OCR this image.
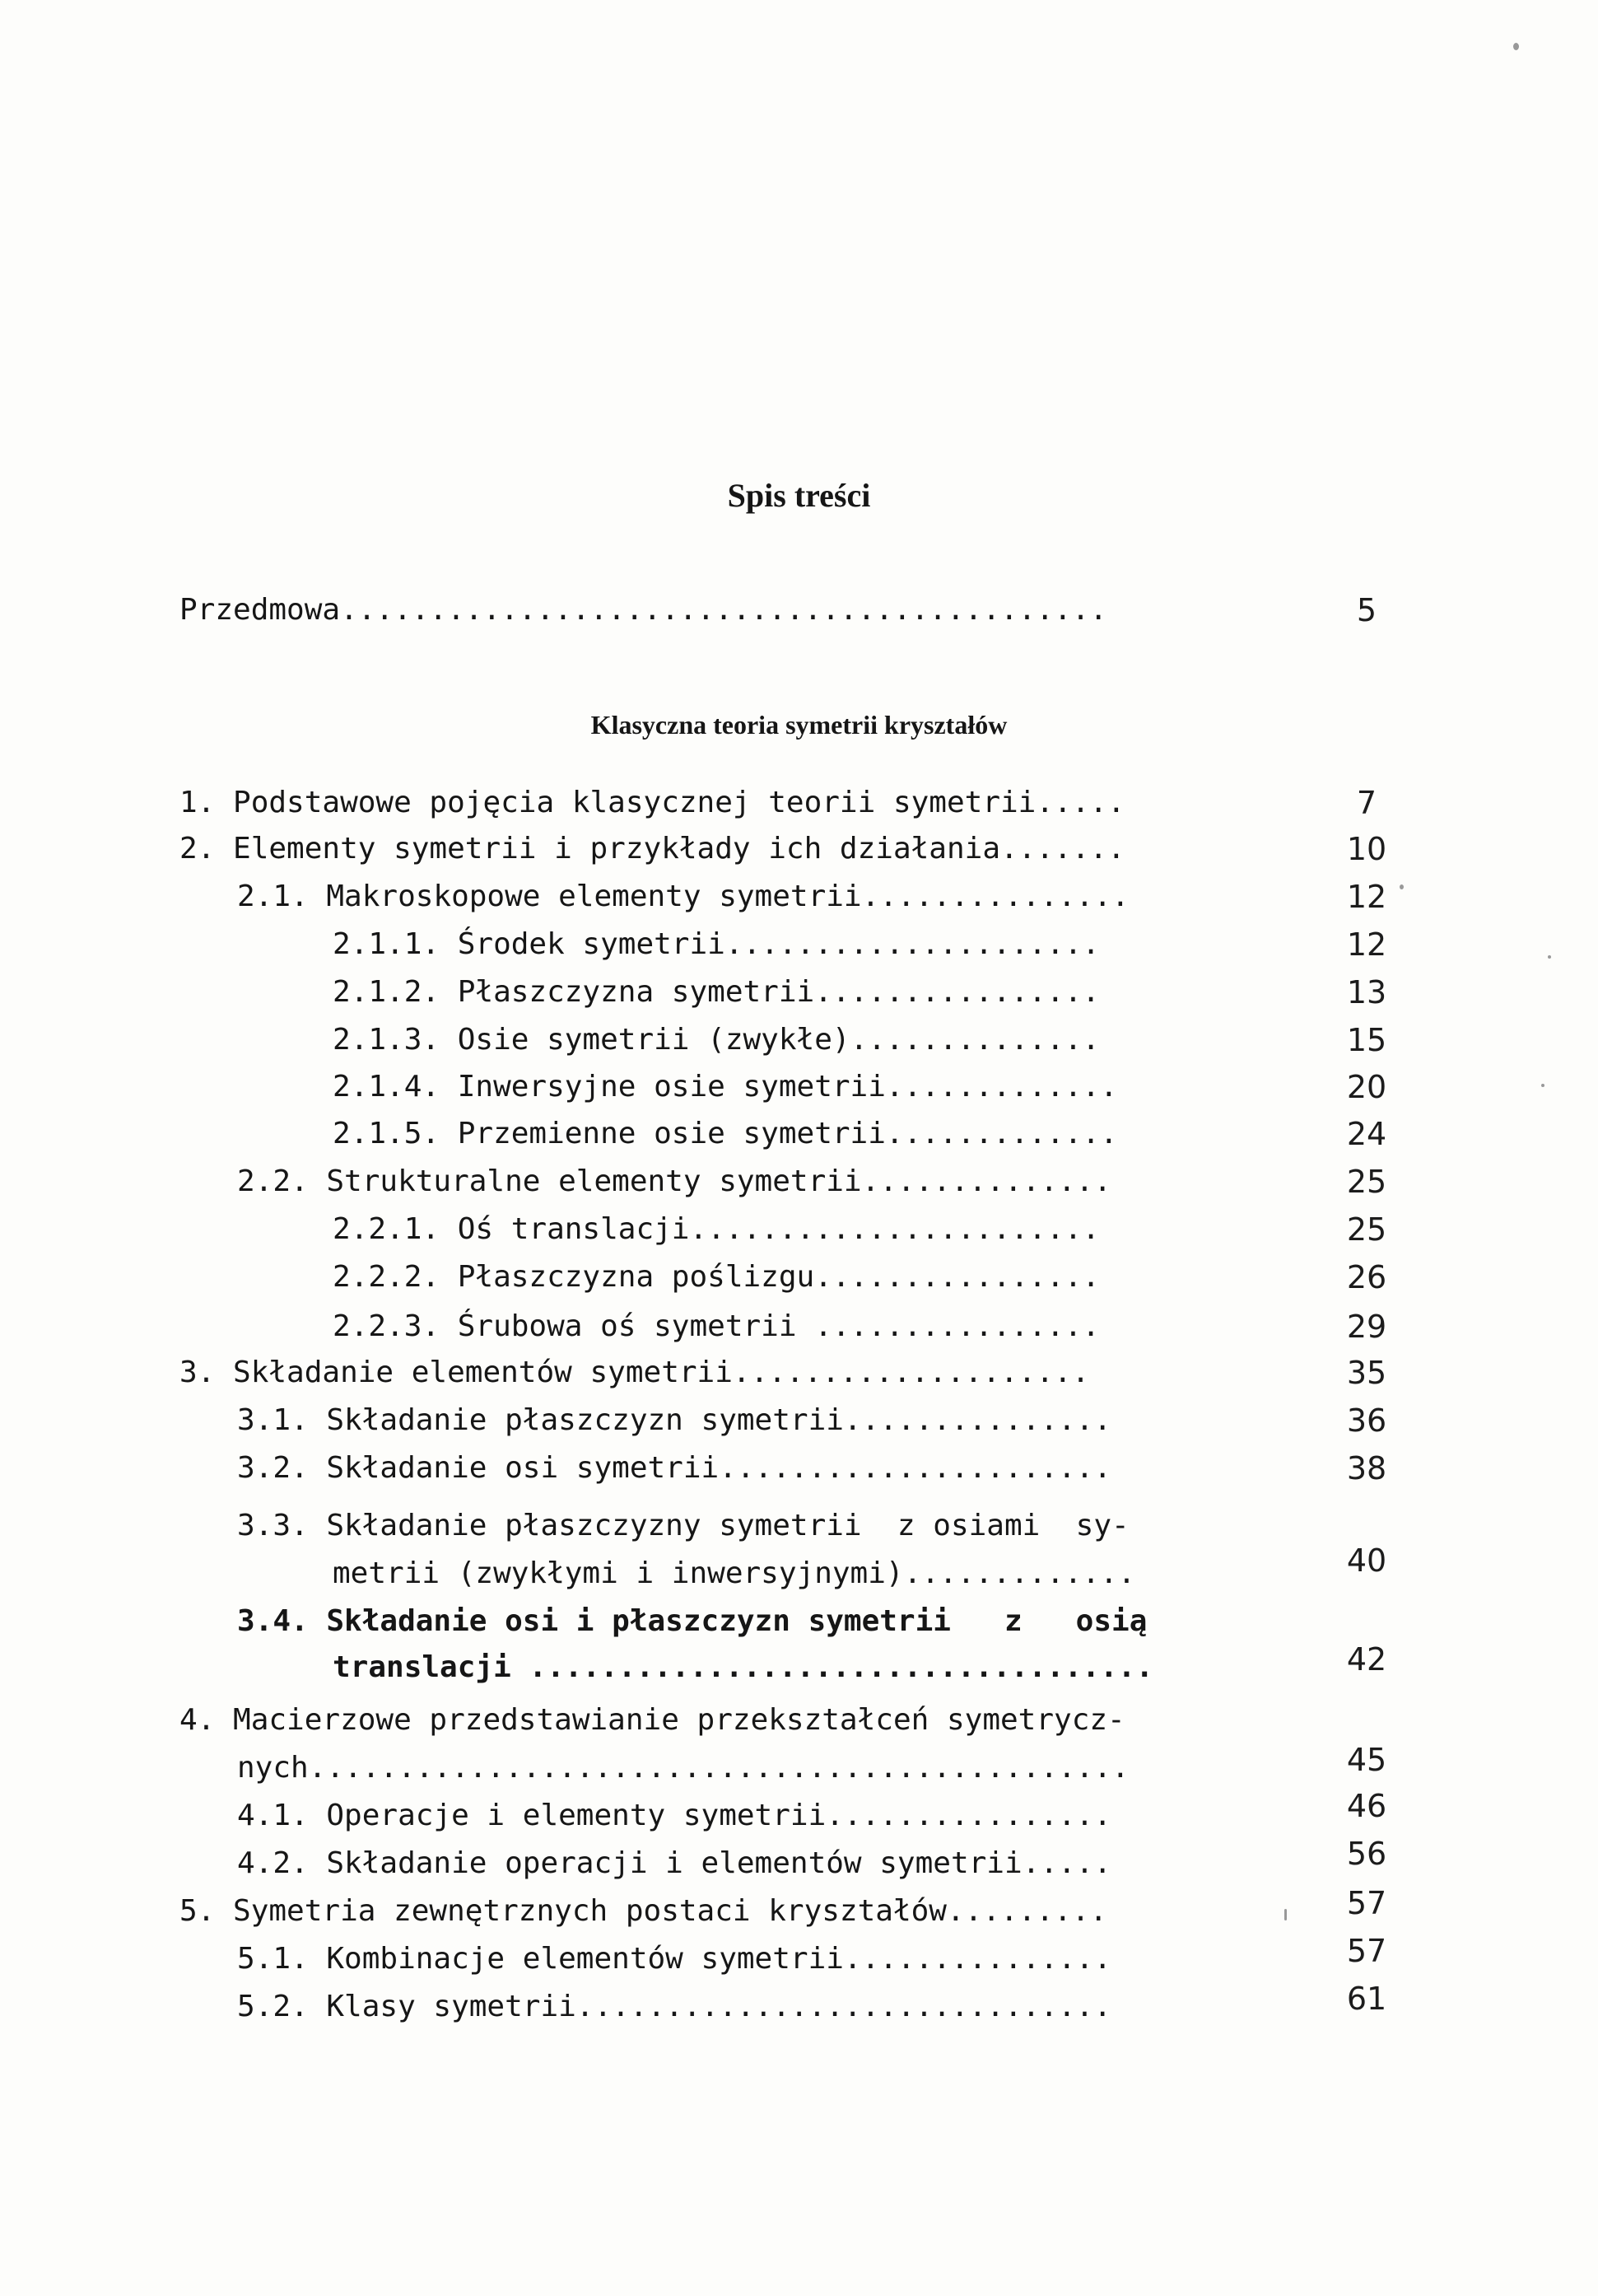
Spis treści
Przedmowa...........................................	5
Klasyczna teoria symetrii kryształów
1. Podstawowe pojęcia klasycznej teorii symetrii.....	7
2. Elementy symetrii i przykłady ich działania.......	10
2.1. Makroskopowe elementy symetrii...............	12
2.1.1. Środek symetrii.....................	12
2.1.2. Płaszczyzna symetrii................	13
2.1.3. Osie symetrii (zwykłe)..............	15
2.1.4. Inwersyjne osie symetrii.............	20
2.1.5. Przemienne osie symetrii.............	24
2.2. Strukturalne elementy symetrii..............	25
2.2.1. Oś translacji.......................	25
2.2.2. Płaszczyzna poślizgu................	26
2.2.3. Śrubowa oś symetrii ................	29
3. Składanie elementów symetrii....................	35
3.1. Składanie płaszczyzn symetrii...............	36
3.2. Składanie osi symetrii......................	38
3.3. Składanie płaszczyzny symetrii  z osiami  sy-
metrii (zwykłymi i inwersyjnymi).............	40
3.4. Składanie osi i płaszczyzn symetrii   z   osią
translacji ...................................	42
4. Macierzowe przedstawianie przekształceń symetrycz-
nych..............................................	45
4.1. Operacje i elementy symetrii................	46
4.2. Składanie operacji i elementów symetrii.....	56
5. Symetria zewnętrznych postaci kryształów.........	57
5.1. Kombinacje elementów symetrii...............	57
5.2. Klasy symetrii..............................	61
